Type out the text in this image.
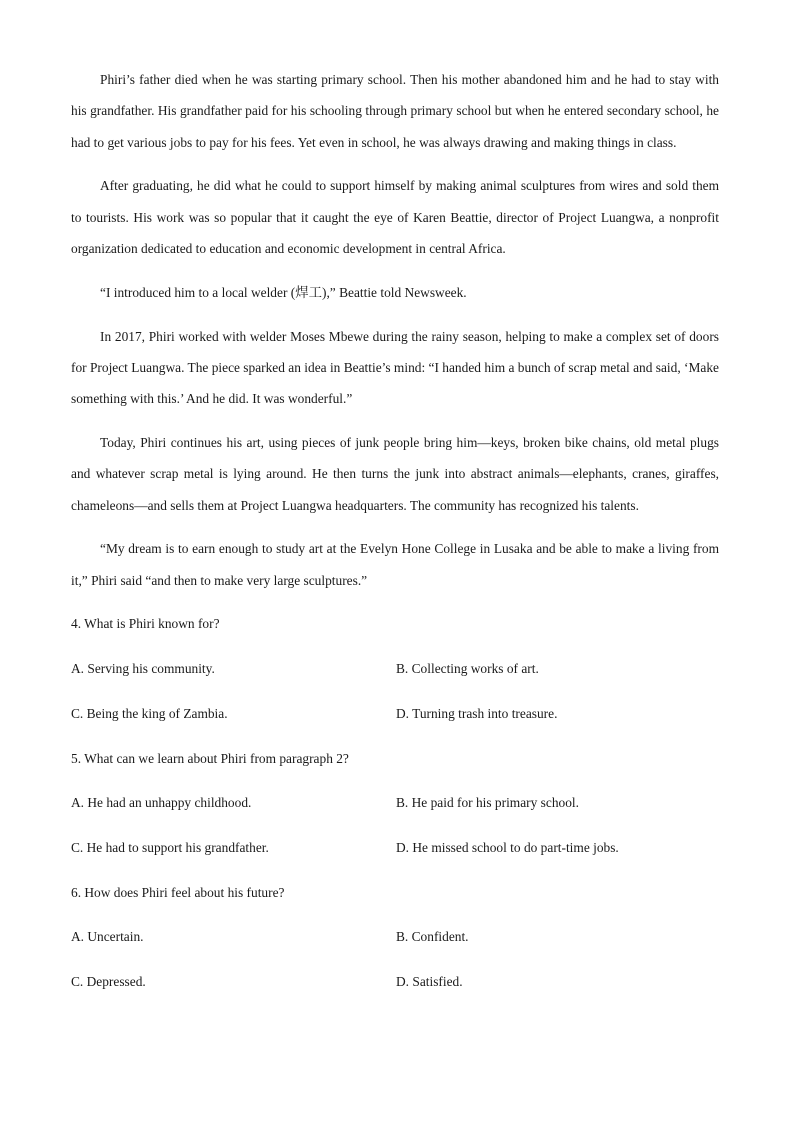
Phiri’s father died when he was starting primary school. Then his mother abandoned him and he had to stay with his grandfather. His grandfather paid for his schooling through primary school but when he entered secondary school, he had to get various jobs to pay for his fees. Yet even in school, he was always drawing and making things in class.

After graduating, he did what he could to support himself by making animal sculptures from wires and sold them to tourists. His work was so popular that it caught the eye of Karen Beattie, director of Project Luangwa, a nonprofit organization dedicated to education and economic development in central Africa.

“I introduced him to a local welder (焊工),” Beattie told Newsweek.

In 2017, Phiri worked with welder Moses Mbewe during the rainy season, helping to make a complex set of doors for Project Luangwa. The piece sparked an idea in Beattie’s mind: “I handed him a bunch of scrap metal and said, ‘Make something with this.’ And he did. It was wonderful.”

Today, Phiri continues his art, using pieces of junk people bring him—keys, broken bike chains, old metal plugs and whatever scrap metal is lying around. He then turns the junk into abstract animals—elephants, cranes, giraffes, chameleons—and sells them at Project Luangwa headquarters. The community has recognized his talents.

“My dream is to earn enough to study art at the Evelyn Hone College in Lusaka and be able to make a living from it,” Phiri said “and then to make very large sculptures.”

4. What is Phiri known for?
A. Serving his community.	B. Collecting works of art.
C. Being the king of Zambia.	D. Turning trash into treasure.
5. What can we learn about Phiri from paragraph 2?
A. He had an unhappy childhood.	B. He paid for his primary school.
C. He had to support his grandfather.	D. He missed school to do part-time jobs.
6. How does Phiri feel about his future?
A. Uncertain.	B. Confident.
C. Depressed.	D. Satisfied.
